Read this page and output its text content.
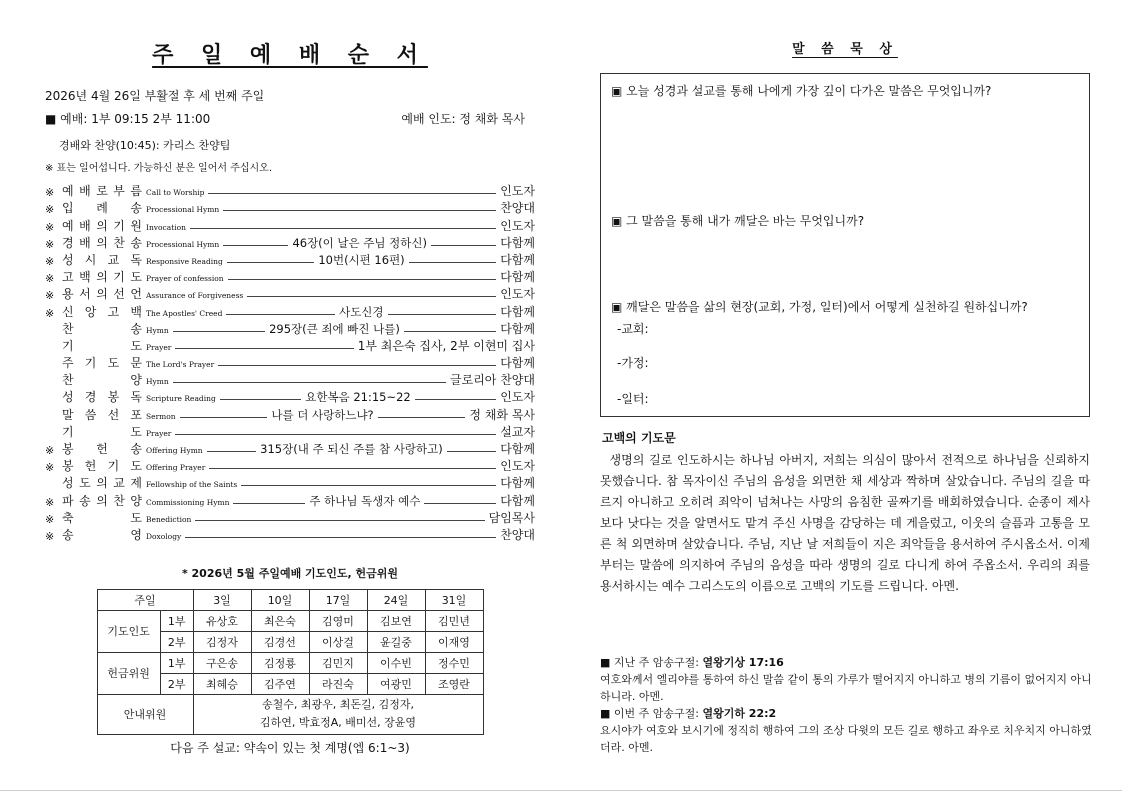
주 일 예 배 순 서
2026년 4월 26일 부활절 후 세 번째 주일
■ 예배: 1부 09:15 2부 11:00	예배 인도: 정 채화 목사
경배와 찬양(10:45): 카리스 찬양팀
※ 표는 일어섭니다. 가능하신 분은 일어서 주십시오.
※ 예 배 로 부 름 Call to Worship	인도자
※ 입 례 송 Processional Hymn	찬양대
※ 예 배 의 기 원 Invocation	인도자
※ 경 배 의 찬 송 Processional Hymn	46장(이 날은 주님 정하신)	다함께
※ 성 시 교 독 Responsive Reading	10번(시편 16편)	다함께
※ 고 백 의 기 도 Prayer of confession	다함께
※ 용 서 의 선 언 Assurance of Forgiveness	인도자
※ 신 앙 고 백 The Apostles' Creed	사도신경	다함께
찬	송 Hymn	295장(큰 죄에 빠진 나를)	다함께
기	도 Prayer	1부 최은숙 집사, 2부 이현미 집사
주 기 도 문 The Lord's Prayer	다함께
찬	양 Hymn	글로리아 찬양대
성 경 봉 독 Scripture Reading	요한복음 21:15~22	인도자
말 씀 선 포 Sermon	나를 더 사랑하느냐?	정 채화 목사
기	도 Prayer	설교자
※ 봉 헌 송 Offering Hymn	315장(내 주 되신 주를 참 사랑하고)	다함께
※ 봉 헌 기 도 Offering Prayer	인도자
성 도 의 교 제 Fellowship of the Saints	다함께
※ 파 송 의 찬 양 Commissioning Hymn	주 하나님 독생자 예수	다함께
※ 축	도 Benediction	담임목사
※ 송	영 Doxology	찬양대
* 2026년 5월 주일예배 기도인도, 헌금위원
주일		3일	10일	17일	24일	31일
기도인도	1부	유상호	최은숙	김영미	김보연	김민년
	2부	김정자	김경선	이상걸	윤길중	이재영
헌금위원	1부	구은송	김정룡	김민지	이수빈	정수민
	2부	최혜승	김주연	라진숙	여광민	조영란
안내위원		송철수, 최광우, 최돈길, 김정자,
김하연, 박효정A, 배미선, 장윤영				
다음 주 설교: 약속이 있는 첫 계명(엡 6:1~3)
말 씀 묵 상
▣ 오늘 성경과 설교를 통해 나에게 가장 깊이 다가온 말씀은 무엇입니까?
▣ 그 말씀을 통해 내가 깨달은 바는 무엇입니까?
▣ 깨달은 말씀을 삶의 현장(교회, 가정, 일터)에서 어떻게 실천하길 원하십니까?
-교회:
-가정:
-일터:
고백의 기도문
생명의 길로 인도하시는 하나님 아버지, 저희는 의심이 많아서 전적으로 하나님을 신뢰하지 못했습니다. 참 목자이신 주님의 음성을 외면한 채 세상과 짝하며 살았습니다. 주님의 길을 따르지 아니하고 오히려 죄악이 넘쳐나는 사망의 음침한 골짜기를 배회하였습니다. 순종이 제사보다 낫다는 것을 알면서도 맡겨 주신 사명을 감당하는 데 게을렀고, 이웃의 슬픔과 고통을 모른 척 외면하며 살았습니다. 주님, 지난 날 저희들이 지은 죄악들을 용서하여 주시옵소서. 이제부터는 말씀에 의지하여 주님의 음성을 따라 생명의 길로 다니게 하여 주옵소서. 우리의 죄를 용서하시는 예수 그리스도의 이름으로 고백의 기도를 드립니다. 아멘.
■ 지난 주 암송구절: 열왕기상 17:16
여호와께서 엘리야를 통하여 하신 말씀 같이 통의 가루가 떨어지지 아니하고 병의 기름이 없어지지 아니하니라. 아멘.
■ 이번 주 암송구절: 열왕기하 22:2
요시야가 여호와 보시기에 정직히 행하여 그의 조상 다윗의 모든 길로 행하고 좌우로 치우치지 아니하였더라. 아멘.
